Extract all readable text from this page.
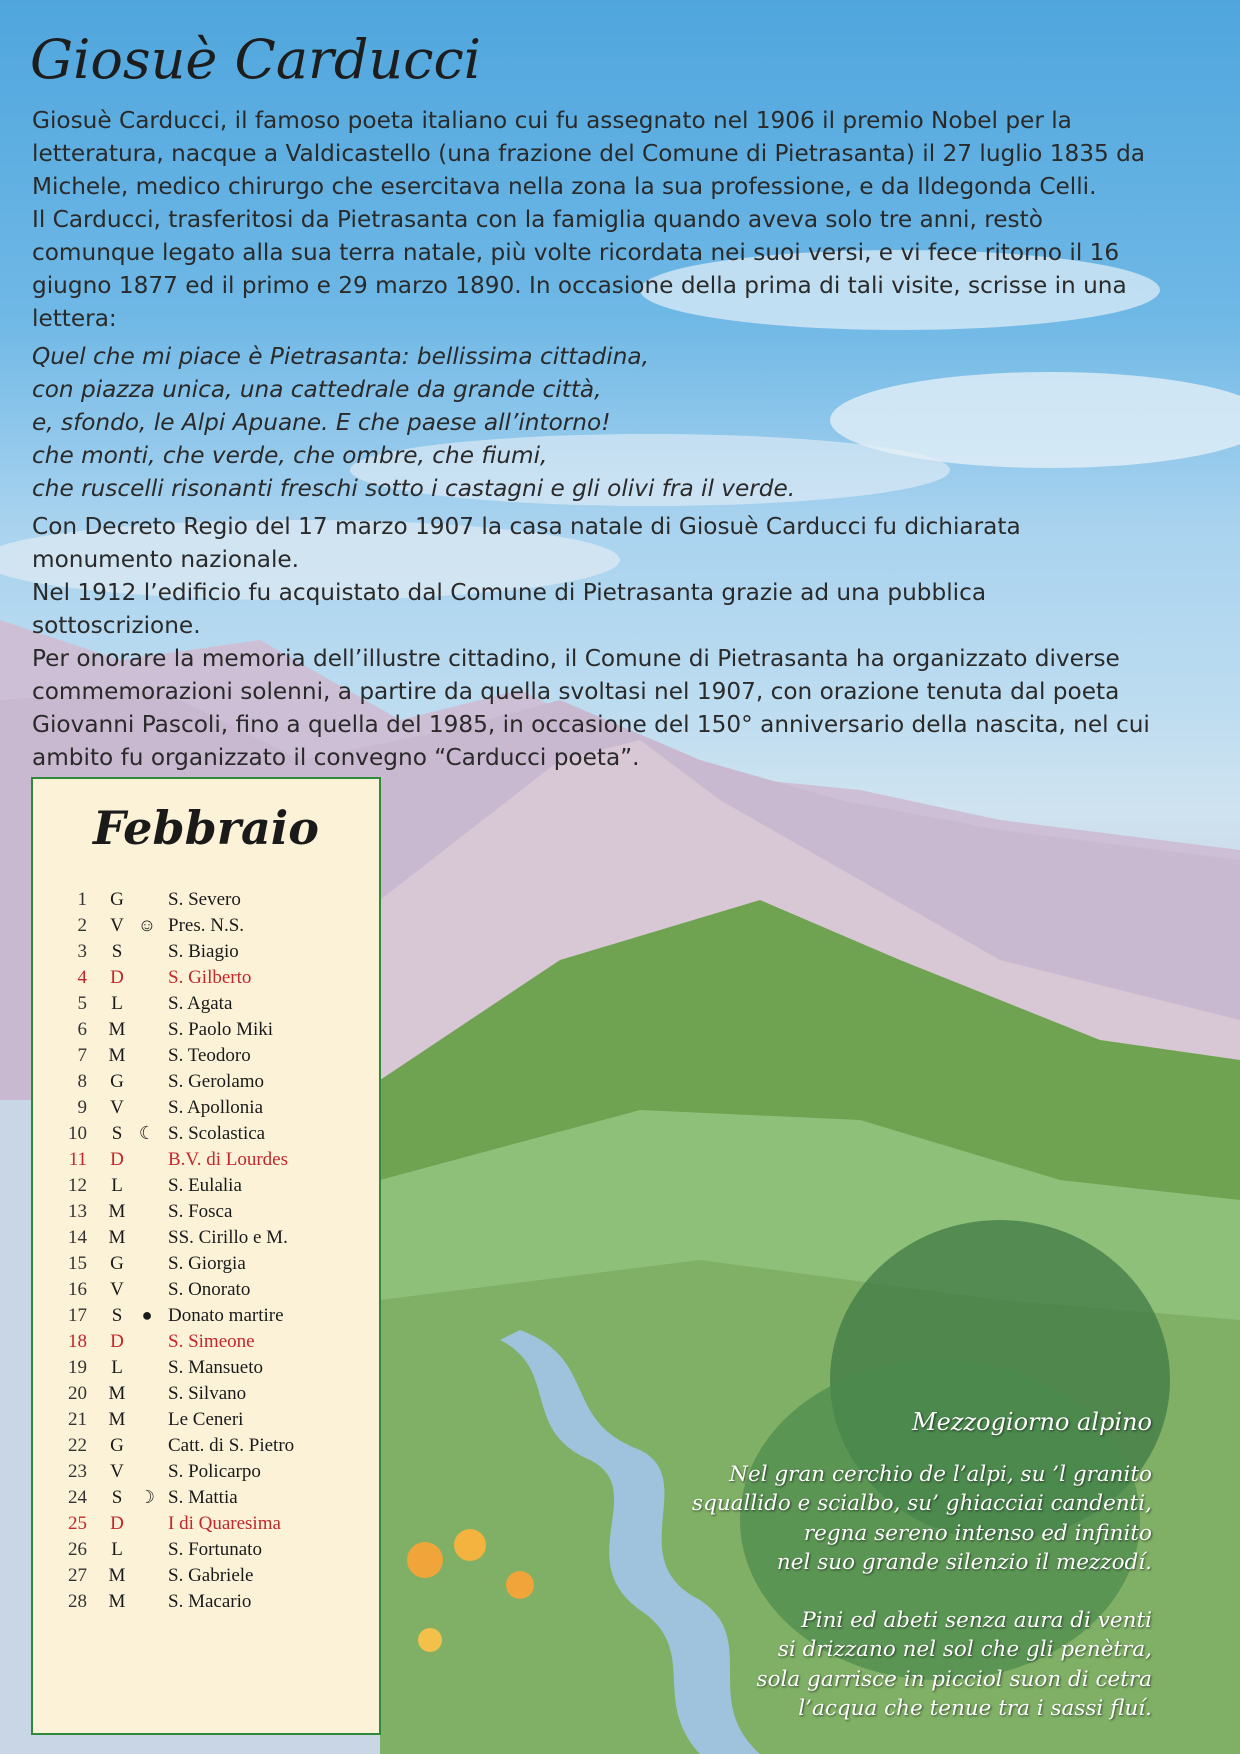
Giosuè Carducci

Giosuè Carducci, il famoso poeta italiano cui fu assegnato nel 1906 il premio Nobel per la letteratura, nacque a Valdicastello (una frazione del Comune di Pietrasanta) il 27 luglio 1835 da Michele, medico chirurgo che esercitava nella zona la sua professione, e da Ildegonda Celli.

Il Carducci, trasferitosi da Pietrasanta con la famiglia quando aveva solo tre anni, restò comunque legato alla sua terra natale, più volte ricordata nei suoi versi, e vi fece ritorno il 16 giugno 1877 ed il primo e 29 marzo 1890. In occasione della prima di tali visite, scrisse in una lettera:

Quel che mi piace è Pietrasanta: bellissima cittadina,
con piazza unica, una cattedrale da grande città,
e, sfondo, le Alpi Apuane. E che paese all’intorno!
che monti, che verde, che ombre, che fiumi,
che ruscelli risonanti freschi sotto i castagni e gli olivi fra il verde.

Con Decreto Regio del 17 marzo 1907 la casa natale di Giosuè Carducci fu dichiarata monumento nazionale.

Nel 1912 l’edificio fu acquistato dal Comune di Pietrasanta grazie ad una pubblica sottoscrizione.

Per onorare la memoria dell’illustre cittadino, il Comune di Pietrasanta ha organizzato diverse commemorazioni solenni, a partire da quella svoltasi nel 1907, con orazione tenuta dal poeta Giovanni Pascoli, fino a quella del 1985, in occasione del 150° anniversario della nascita, nel cui ambito fu organizzato il convegno “Carducci poeta”.

Febbraio
1 G S. Severo
2 V ☺ Pres. N.S.
3	S	S. Biagio
4 D S. Gilberto
5	L	S. Agata
6 M S. Paolo Miki
7 M S. Teodoro
8 G S. Gerolamo
9 V S. Apollonia
10	S ☾ S. Scolastica
11 D B.V. di Lourdes
12	L	S. Eulalia
13 M S. Fosca
14 M SS. Cirillo e M.
15 G S. Giorgia
16 V S. Onorato
17	S	● Donato martire
18 D S. Simeone
19	L	S. Mansueto
20 M S. Silvano
21 M Le Ceneri
22 G Catt. di S. Pietro
23 V S. Policarpo
24	S ☽ S. Mattia
25 D I di Quaresima
26	L	S. Fortunato
27 M S. Gabriele
28 M S. Macario
Mezzogiorno alpino
Nel gran cerchio de l’alpi, su ’l granito
squallido e scialbo, su’ ghiacciai candenti,
regna sereno intenso ed infinito
nel suo grande silenzio il mezzodí.
Pini ed abeti senza aura di venti
si drizzano nel sol che gli penètra,
sola garrisce in picciol suon di cetra
l’acqua che tenue tra i sassi fluí.
